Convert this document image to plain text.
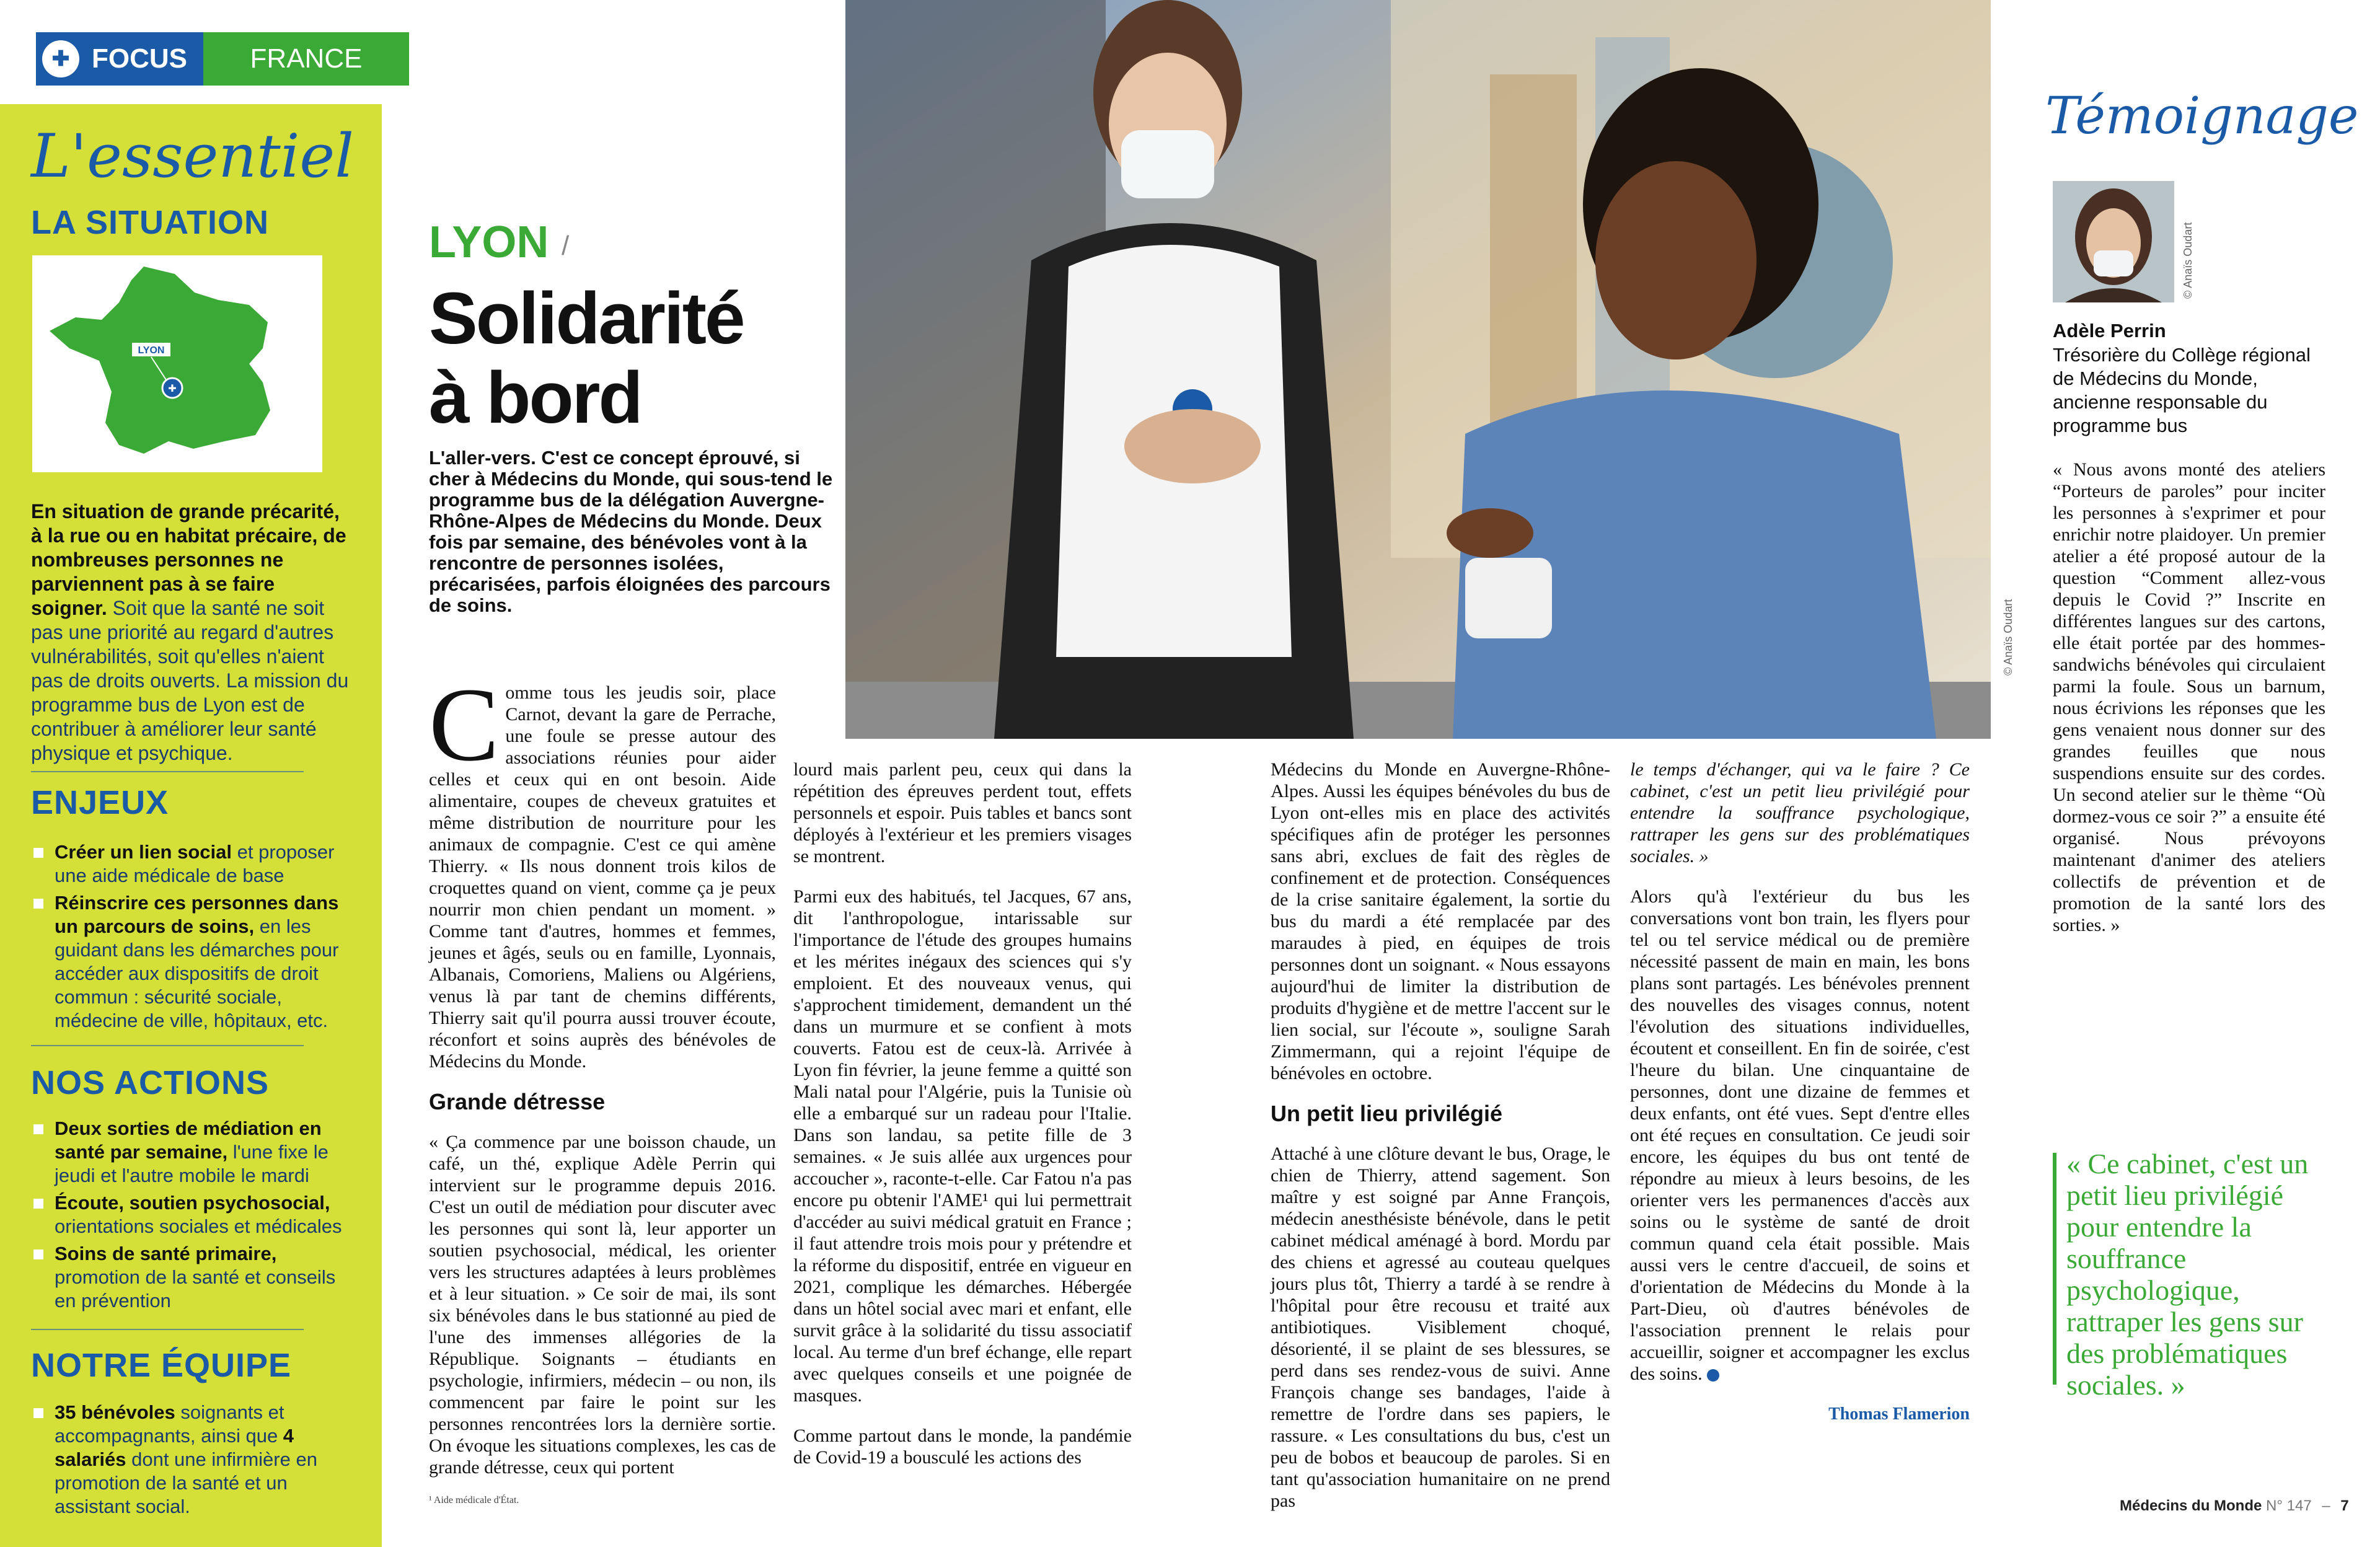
✚ FOCUS	FRANCE
L'essentiel
LA SITUATION
LYON
✚
En situation de grande précarité, à la rue ou en habitat précaire, de nombreuses personnes ne parviennent pas à se faire soigner. Soit que la santé ne soit pas une priorité au regard d'autres vulnérabilités, soit qu'elles n'aient pas de droits ouverts. La mission du programme bus de Lyon est de contribuer à améliorer leur santé physique et psychique.
ENJEUX
Créer un lien social et proposer une aide médicale de base
Réinscrire ces personnes dans un parcours de soins, en les guidant dans les démarches pour accéder aux dispositifs de droit commun : sécurité sociale, médecine de ville, hôpitaux, etc.
NOS ACTIONS
Deux sorties de médiation en santé par semaine, l'une fixe le jeudi et l'autre mobile le mardi
Écoute, soutien psychosocial, orientations sociales et médicales
Soins de santé primaire, promotion de la santé et conseils en prévention
NOTRE ÉQUIPE
35 bénévoles soignants et accompagnants, ainsi que 4 salariés dont une infirmière en promotion de la santé et un assistant social.
LYON /
Solidarité
à bord
L'aller-vers. C'est ce concept éprouvé, si cher à Médecins du Monde, qui sous-tend le programme bus de la délégation Auvergne-Rhône-Alpes de Médecins du Monde. Deux fois par semaine, des bénévoles vont à la rencontre de personnes isolées, précarisées, parfois éloignées des parcours de soins.	© Anaïs Oudart

Comme tous les jeudis soir, place Carnot, devant la gare de Perrache, une foule se presse autour des associations réunies pour aider celles et ceux qui en ont besoin. Aide alimentaire, coupes de cheveux gratuites et même distribution de nourriture pour les animaux de compagnie. C'est ce qui amène Thierry. « Ils nous donnent trois kilos de croquettes quand on vient, comme ça je peux nourrir mon chien pendant un moment. » Comme tant d'autres, hommes et femmes, jeunes et âgés, seuls ou en famille, Lyonnais, Albanais, Comoriens, Maliens ou Algériens, venus là par tant de chemins différents, Thierry sait qu'il pourra aussi trouver écoute, réconfort et soins auprès des bénévoles de Médecins du Monde.

Grande détresse

« Ça commence par une boisson chaude, un café, un thé, explique Adèle Perrin qui intervient sur le programme depuis 2016. C'est un outil de médiation pour discuter avec les personnes qui sont là, leur apporter un soutien psychosocial, médical, les orienter vers les structures adaptées à leurs problèmes et à leur situation. » Ce soir de mai, ils sont six bénévoles dans le bus stationné au pied de l'une des immenses allégories de la République. Soignants – étudiants en psychologie, infirmiers, médecin – ou non, ils commencent par faire le point sur les personnes rencontrées lors la dernière sortie. On évoque les situations complexes, les cas de grande détresse, ceux qui portent

lourd mais parlent peu, ceux qui dans la répétition des épreuves perdent tout, effets personnels et espoir. Puis tables et bancs sont déployés à l'extérieur et les premiers visages se montrent.

Parmi eux des habitués, tel Jacques, 67 ans, dit l'anthropologue, intarissable sur l'importance de l'étude des groupes humains et les mérites inégaux des sciences qui s'y emploient. Et des nouveaux venus, qui s'approchent timidement, demandent un thé dans un murmure et se confient à mots couverts. Fatou est de ceux-là. Arrivée à Lyon fin février, la jeune femme a quitté son Mali natal pour l'Algérie, puis la Tunisie où elle a embarqué sur un radeau pour l'Italie. Dans son landau, sa petite fille de 3 semaines. « Je suis allée aux urgences pour accoucher », raconte-t-elle. Car Fatou n'a pas encore pu obtenir l'AME¹ qui lui permettrait d'accéder au suivi médical gratuit en France ; il faut attendre trois mois pour y prétendre et la réforme du dispositif, entrée en vigueur en 2021, complique les démarches. Hébergée dans un hôtel social avec mari et enfant, elle survit grâce à la solidarité du tissu associatif local. Au terme d'un bref échange, elle repart avec quelques conseils et une poignée de masques.

Comme partout dans le monde, la pandémie de Covid-19 a bousculé les actions des

Médecins du Monde en Auvergne-Rhône-Alpes. Aussi les équipes bénévoles du bus de Lyon ont-elles mis en place des activités spécifiques afin de protéger les personnes sans abri, exclues de fait des règles de confinement et de protection. Conséquences de la crise sanitaire également, la sortie du bus du mardi a été remplacée par des maraudes à pied, en équipes de trois personnes dont un soignant. « Nous essayons aujourd'hui de limiter la distribution de produits d'hygiène et de mettre l'accent sur le lien social, sur l'écoute », souligne Sarah Zimmermann, qui a rejoint l'équipe de bénévoles en octobre.

Un petit lieu privilégié

Attaché à une clôture devant le bus, Orage, le chien de Thierry, attend sagement. Son maître y est soigné par Anne François, médecin anesthésiste bénévole, dans le petit cabinet médical aménagé à bord. Mordu par des chiens et agressé au couteau quelques jours plus tôt, Thierry a tardé à se rendre à l'hôpital pour être recousu et traité aux antibiotiques. Visiblement choqué, désorienté, il se plaint de ses blessures, se perd dans ses rendez-vous de suivi. Anne François change ses bandages, l'aide à remettre de l'ordre dans ses papiers, le rassure. « Les consultations du bus, c'est un peu de bobos et beaucoup de paroles. Si en tant qu'association humanitaire on ne prend pas

le temps d'échanger, qui va le faire ? Ce cabinet, c'est un petit lieu privilégié pour entendre la souffrance psychologique, rattraper les gens sur des problématiques sociales. »

Alors qu'à l'extérieur du bus les conversations vont bon train, les flyers pour tel ou tel service médical ou de première nécessité passent de main en main, les bons plans sont partagés. Les bénévoles prennent des nouvelles des visages connus, notent l'évolution des situations individuelles, écoutent et conseillent. En fin de soirée, c'est l'heure du bilan. Une cinquantaine de personnes, dont une dizaine de femmes et deux enfants, ont été vues. Sept d'entre elles ont été reçues en consultation. Ce jeudi soir encore, les équipes du bus ont tenté de répondre au mieux à leurs besoins, de les orienter vers les permanences d'accès aux soins ou le système de santé de droit commun quand cela était possible. Mais aussi vers le centre d'accueil, de soins et d'orientation de Médecins du Monde à la Part-Dieu, où d'autres bénévoles de l'association prennent le relais pour accueillir, soigner et accompagner les exclus des soins.

Thomas Flamerion
Témoignage
© Anaïs Oudart
Adèle Perrin
Trésorière du Collège régional de Médecins du Monde, ancienne responsable du programme bus

« Nous avons monté des ateliers “Porteurs de paroles” pour inciter les personnes à s'exprimer et pour enrichir notre plaidoyer. Un premier atelier a été proposé autour de la question “Comment allez-vous depuis le Covid ?” Inscrite en différentes langues sur des cartons, elle était portée par des hommes-sandwichs bénévoles qui circulaient parmi la foule. Sous un barnum, nous écrivions les réponses que les gens venaient nous donner sur des grandes feuilles que nous suspendions ensuite sur des cordes. Un second atelier sur le thème “Où dormez-vous ce soir ?” a ensuite été organisé. Nous prévoyons maintenant d'animer des ateliers collectifs de prévention et de promotion de la santé lors des sorties. »

« Ce cabinet, c'est un petit lieu privilégié pour entendre la souffrance psychologique, rattraper les gens sur des problématiques sociales. »
¹ Aide médicale d'État.	Médecins du Monde N° 147 – 7
